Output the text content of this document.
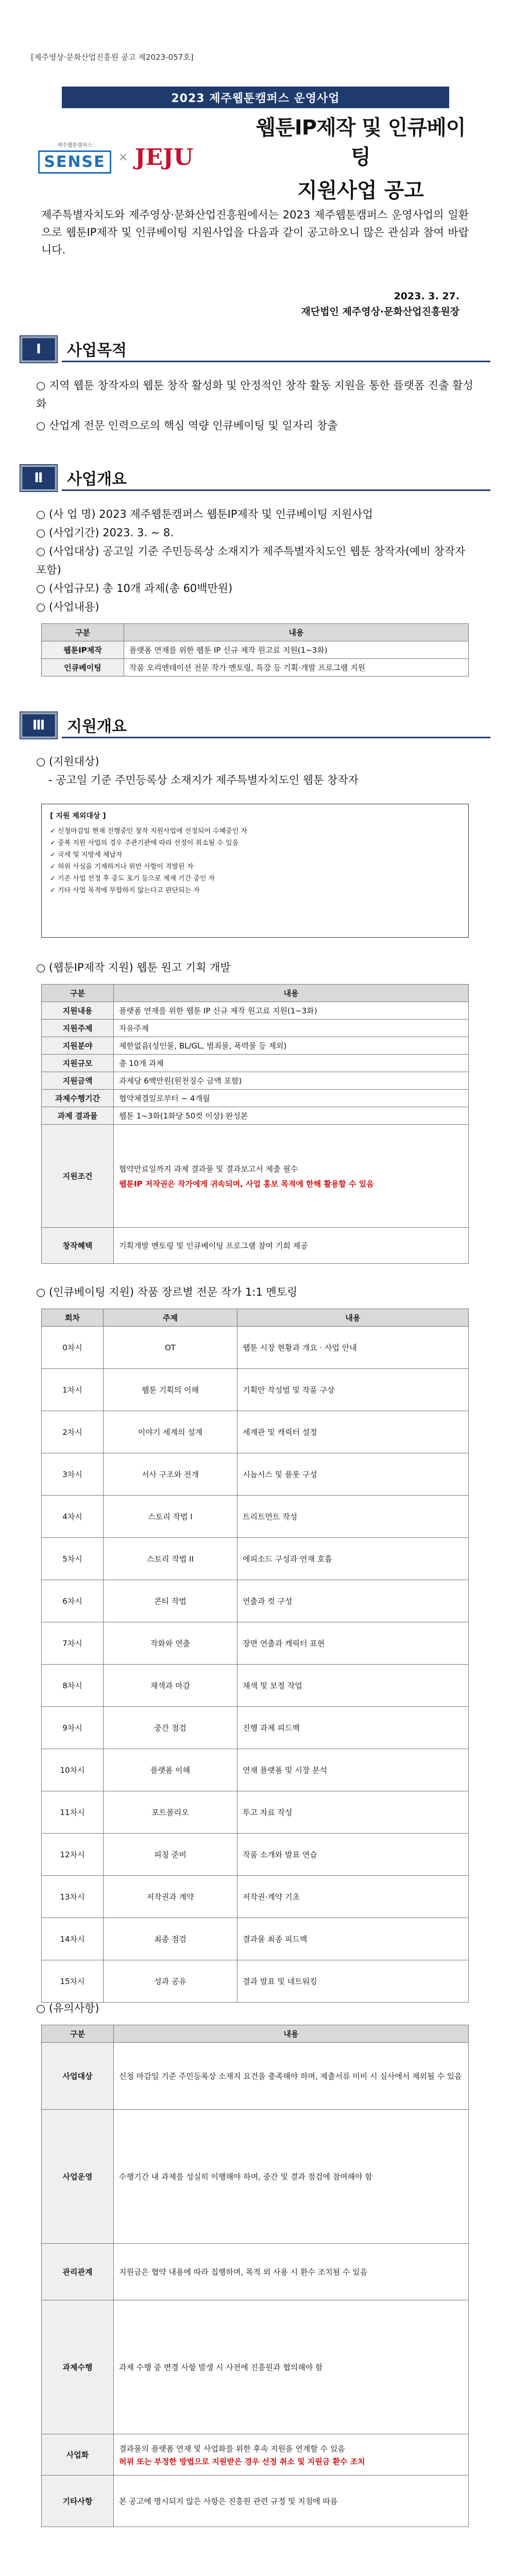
[제주영상·문화산업진흥원 공고 제2023-057호]
2023 제주웹툰캠퍼스 운영사업
제주웹툰캠퍼스
SENSE	× JEJU
웹툰IP제작 및 인큐베이팅
지원사업 공고

제주특별자치도와 제주영상·문화산업진흥원에서는 2023 제주웹툰캠퍼스 운영사업의 일환으로 웹툰IP제작 및 인큐베이팅 지원사업을 다음과 같이 공고하오니 많은 관심과 참여 바랍니다.

2023. 3. 27.
재단법인 제주영상·문화산업진흥원장
Ⅰ	사업목적
○ 지역 웹툰 창작자의 웹툰 창작 활성화 및 안정적인 창작 활동 지원을 통한 플랫폼 진출 활성화
○ 산업계 전문 인력으로의 핵심 역량 인큐베이팅 및 일자리 창출
Ⅱ	사업개요
○ (사 업 명) 2023 제주웹툰캠퍼스 웹툰IP제작 및 인큐베이팅 지원사업
○ (사업기간) 2023. 3. ~ 8.
○ (사업대상) 공고일 기준 주민등록상 소재지가 제주특별자치도인 웹툰 창작자(예비 창작자 포함)
○ (사업규모) 총 10개 과제(총 60백만원)
○ (사업내용)
구분	내용
웹툰IP제작	플랫폼 연재를 위한 웹툰 IP 신규 제작 원고료 지원(1~3화)
인큐베이팅	작품 오리엔테이션 전문 작가 멘토링, 특강 등 기획·개발 프로그램 지원
Ⅲ	지원개요
○ (지원대상)
- 공고일 기준 주민등록상 소재지가 제주특별자치도인 웹툰 창작자
[ 지원 제외대상 ]
✓ 신청마감일 현재 진행중인 창작 지원사업에 선정되어 수혜중인 자
✓ 중복 지원 사업의 경우 주관기관에 따라 선정이 취소될 수 있음
✓ 국세 및 지방세 체납자
✓ 허위 사실을 기재하거나 위반 사항이 적발된 자
✓ 기존 사업 선정 후 중도 포기 등으로 제재 기간 중인 자
✓ 기타 사업 목적에 부합하지 않는다고 판단되는 자
○ (웹툰IP제작 지원) 웹툰 원고 기획 개발
구분	내용
지원내용	플랫폼 연재를 위한 웹툰 IP 신규 제작 원고료 지원(1~3화)
지원주제	자유주제
지원분야	제한없음(성인물, BL/GL, 범죄물, 폭력물 등 제외)
지원규모	총 10개 과제
지원금액	과제당 6백만원(원천징수 금액 포함)
과제수행기간	협약체결일로부터 ~ 4개월
과제 결과물	웹툰 1~3화(1화당 50컷 이상) 완성본
지원조건	협약만료일까지 과제 결과물 및 결과보고서 제출 필수
웹툰IP 저작권은 작가에게 귀속되며, 사업 홍보 목적에 한해 활용할 수 있음

창작혜택	기획개발 멘토링 및 인큐베이팅 프로그램 참여 기회 제공
○ (인큐베이팅 지원) 작품 장르별 전문 작가 1:1 멘토링
회차	주제	내용
0차시	OT	웹툰 시장 현황과 개요 · 사업 안내
1차시	웹툰 기획의 이해	기획안 작성법 및 작품 구상
2차시	이야기 세계의 설계	세계관 및 캐릭터 설정
3차시	서사 구조와 전개	시놉시스 및 플롯 구성
4차시	스토리 작법 I	트리트먼트 작성
5차시	스토리 작법 II	에피소드 구성과 연재 호흡
6차시	콘티 작법	연출과 컷 구성
7차시	작화와 연출	장면 연출과 캐릭터 표현
8차시	채색과 마감	채색 및 보정 작업
9차시	중간 점검	진행 과제 피드백
10차시	플랫폼 이해	연재 플랫폼 및 시장 분석
11차시	포트폴리오	투고 자료 작성
12차시	피칭 준비	작품 소개와 발표 연습
13차시	저작권과 계약	저작권·계약 기초
14차시	최종 점검	결과물 최종 피드백
15차시	성과 공유	결과 발표 및 네트워킹
○ (유의사항)
구분	내용
사업대상	신청 마감일 기준 주민등록상 소재지 요건을 충족해야 하며, 제출서류 미비 시 심사에서 제외될 수 있음
사업운영	수행기간 내 과제를 성실히 이행해야 하며, 중간 및 결과 점검에 참여해야 함
관리관계	지원금은 협약 내용에 따라 집행하며, 목적 외 사용 시 환수 조치될 수 있음
과제수행	과제 수행 중 변경 사항 발생 시 사전에 진흥원과 협의해야 함
사업화	결과물의 플랫폼 연재 및 사업화를 위한 후속 지원을 연계할 수 있음
허위 또는 부정한 방법으로 지원받은 경우 선정 취소 및 지원금 환수 조치

기타사항	본 공고에 명시되지 않은 사항은 진흥원 관련 규정 및 지침에 따름
